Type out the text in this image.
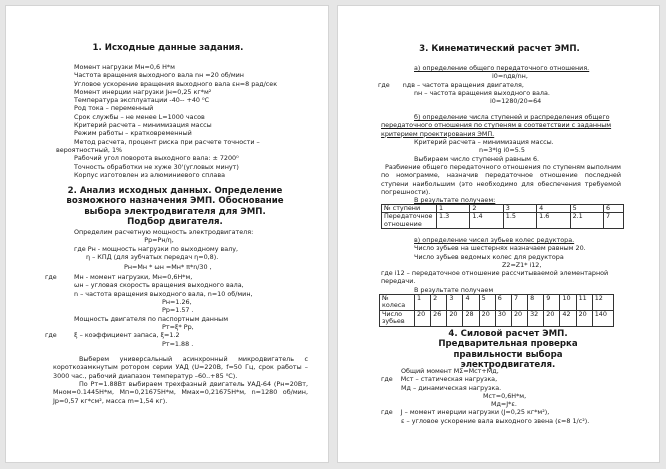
1. Исходные данные задания.
Момент нагрузки Mн=0,6 Н*м
Частота вращения выходного вала nн =20 об/мин
Угловое ускорение вращения выходного вала εн=8 рад/сек
Момент инерции нагрузки Jн=0,25 кг*м²
Температура эксплуатации -40-- +40 ⁰C
Род тока – переменный
Срок службы – не менее L=1000 часов
Критерий расчета – минимизация массы
Режим работы – кратковременный
Метод расчета, процент риска при расчете точности –
вероятностный, 1%
Рабочий угол поворота выходного вала: ± 7200⁰
Точность обработки не хуже 30'(угловых минут)
Корпус изготовлен из алюминиевого сплава
2. Анализ исходных данных. Определение возможного назначения ЭМП. Обоснование выбора электродвигателя для ЭМП. Подбор двигателя.
Определим расчетную мощность электродвигателя:
Pр=Pн/η,
где Pн - мощность нагрузки по выходному валу,
η – КПД (для зубчатых передач η=0,8).
Pн=Mн * ωн =Mн* π*n/30 ,
где	Mн - момент нагрузки, Mн=0,6Н*м,
ωн – угловая скорость вращения выходного вала,
n – частота вращения выходного вала, n=10 об/мин,
Pн=1.26,
Pр=1.57 .
Мощность двигателя по паспортным данным
Pт=ξ* Pр,
где	ξ – коэффициент запаса, ξ=1.2
Pт=1.88 .
Выберем универсальный асинхронный микродвигатель с короткозамкнутым ротором серии УАД (U=220В, f=50 Гц, срок работы – 3000 час., рабочий диапазон температур –60..+85 ⁰C).
По Pт=1.88Вт выбираем трехфазный двигатель УАД-64 (Pн=20Вт, Mном=0.1445Н*м, Mп=0,21675Н*м, Mмах=0,21675Н*м, n=1280 об/мин, Jр=0,57 кг*см², масса m=1,54 кг).
3. Кинематический расчет ЭМП.
а) определение общего передаточного отношения.
i0=nдв/nн,
где nдв – частота вращения двигателя,
nн – частота вращения выходного вала.
i0=1280/20=64
б) определение числа ступеней и распределения общего передаточного отношения по ступеням в соответствии с заданным критерием проектирования ЭМП.
Критерий расчета – минимизация массы.
n=3*lg i0=5.5
Выбираем число ступеней равным 6.
Разбиение общего передаточного отношения по ступеням выполним по номограмме, назначив передаточное отношение последней ступени наибольшим (это необходимо для обеспечения требуемой погрешности).
В результате получаем:
№ ступени	1	2	3	4	5	6
Передаточное отношение	1.3	1.4	1.5	1.6	2.1	7
в) определение чисел зубьев колес редуктора.
Число зубьев на шестернях назначаем равным 20.
Число зубьев ведомых колес для редуктора
Z2=Z1* i12,
где i12 – передаточное отношение рассчитываемой элементарной передачи.
В результате получаем
№ колеса	1	2	3	4	5	6	7	8	9	10	11	12
Число зубьев	20	26	20	28	20	30	20	32	20	42	20	140
4. Силовой расчет ЭМП. Предварительная проверка правильности выбора электродвигателя.
Общий момент MΣ=Mст+Mд,
где Mст – статическая нагрузка,
Mд – динамическая нагрузка.
Mст=0,6Н*м,
Mд=J*ε.
где J – момент инерции нагрузки (J=0,25 кг*м²),
ε – угловое ускорение вала выходного звена (ε=8 1/с²).
